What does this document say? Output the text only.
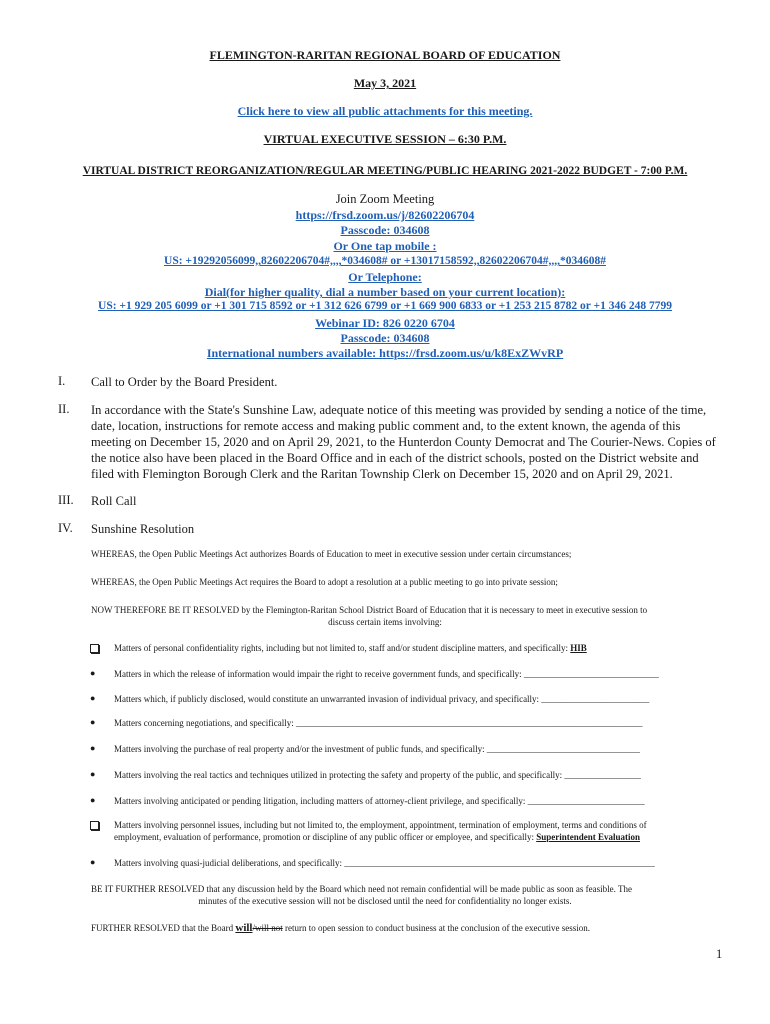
FLEMINGTON-RARITAN REGIONAL BOARD OF EDUCATION
May 3, 2021
Click here to view all public attachments for this meeting.
VIRTUAL EXECUTIVE SESSION – 6:30 P.M.
VIRTUAL DISTRICT REORGANIZATION/REGULAR MEETING/PUBLIC HEARING 2021-2022 BUDGET - 7:00 P.M.
Join Zoom Meeting
https://frsd.zoom.us/j/82602206704
Passcode: 034608
Or One tap mobile :
US: +19292056099,,82602206704#,,,,*034608# or +13017158592,,82602206704#,,,,*034608#
Or Telephone:
Dial(for higher quality, dial a number based on your current location):
US: +1 929 205 6099 or +1 301 715 8592 or +1 312 626 6799 or +1 669 900 6833 or +1 253 215 8782 or +1 346 248 7799
Webinar ID: 826 0220 6704
Passcode: 034608
International numbers available: https://frsd.zoom.us/u/k8ExZWvRP
I. Call to Order by the Board President.
II. In accordance with the State's Sunshine Law, adequate notice of this meeting was provided by sending a notice of the time,
date, location, instructions for remote access and making public comment and, to the extent known, the agenda of this
meeting on December 15, 2020 and on April 29, 2021, to the Hunterdon County Democrat and The Courier-News. Copies of
the notice also have been placed in the Board Office and in each of the district schools, posted on the District website and
filed with Flemington Borough Clerk and the Raritan Township Clerk on December 15, 2020 and on April 29, 2021.
III. Roll Call
IV. Sunshine Resolution
WHEREAS, the Open Public Meetings Act authorizes Boards of Education to meet in executive session under certain circumstances;
WHEREAS, the Open Public Meetings Act requires the Board to adopt a resolution at a public meeting to go into private session;
NOW THEREFORE BE IT RESOLVED by the Flemington-Raritan School District Board of Education that it is necessary to meet in executive session to
discuss certain items involving:
Matters of personal confidentiality rights, including but not limited to, staff and/or student discipline matters, and specifically: HIB
●	Matters in which the release of information would impair the right to receive government funds, and specifically: ______________________________
●	Matters which, if publicly disclosed, would constitute an unwarranted invasion of individual privacy, and specifically: ________________________
●	Matters concerning negotiations, and specifically: _____________________________________________________________________________
●	Matters involving the purchase of real property and/or the investment of public funds, and specifically: __________________________________
●	Matters involving the real tactics and techniques utilized in protecting the safety and property of the public, and specifically: _________________
●	Matters involving anticipated or pending litigation, including matters of attorney-client privilege, and specifically: __________________________
Matters involving personnel issues, including but not limited to, the employment, appointment, termination of employment, terms and conditions of
employment, evaluation of performance, promotion or discipline of any public officer or employee, and specifically: Superintendent Evaluation
●	Matters involving quasi-judicial deliberations, and specifically: _____________________________________________________________________
BE IT FURTHER RESOLVED that any discussion held by the Board which need not remain confidential will be made public as soon as feasible. The
minutes of the executive session will not be disclosed until the need for confidentiality no longer exists.
FURTHER RESOLVED that the Board will/will not return to open session to conduct business at the conclusion of the executive session.
1
